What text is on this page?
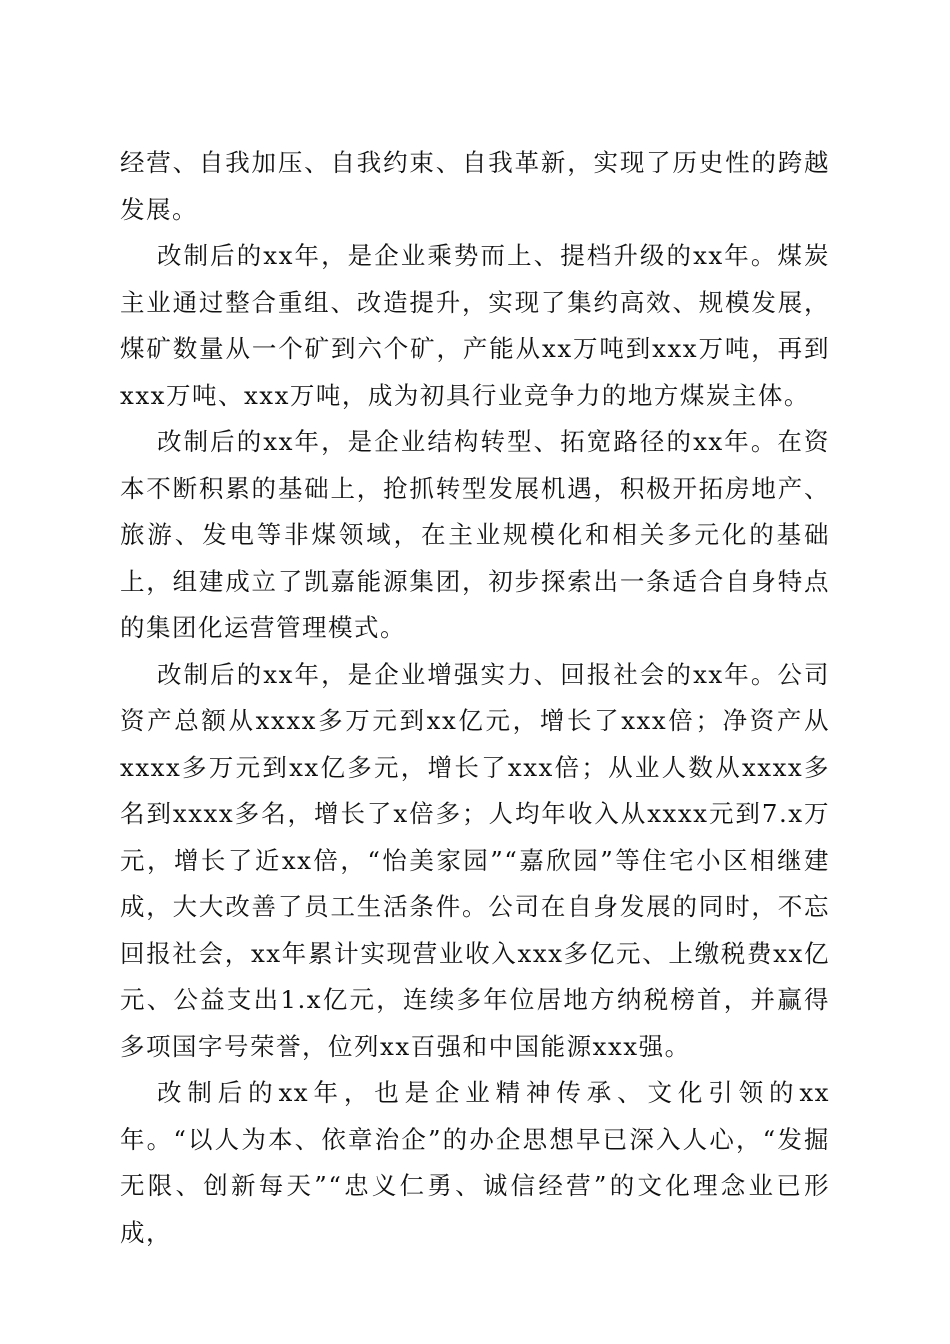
经营、自我加压、自我约束、自我革新，实现了历史性的跨越发展。

改制后的xx年，是企业乘势而上、提档升级的xx年。煤炭主业通过整合重组、改造提升，实现了集约高效、规模发展，煤矿数量从一个矿到六个矿，产能从xx万吨到xxx万吨，再到xxx万吨、xxx万吨，成为初具行业竞争力的地方煤炭主体。

改制后的xx年，是企业结构转型、拓宽路径的xx年。在资本不断积累的基础上，抢抓转型发展机遇，积极开拓房地产、旅游、发电等非煤领域，在主业规模化和相关多元化的基础上，组建成立了凯嘉能源集团，初步探索出一条适合自身特点的集团化运营管理模式。

改制后的xx年，是企业增强实力、回报社会的xx年。公司资产总额从xxxx多万元到xx亿元，增长了xxx倍；净资产从xxxx多万元到xx亿多元，增长了xxx倍；从业人数从xxxx多名到xxxx多名，增长了x倍多；人均年收入从xxxx元到7.x万元，增长了近xx倍，“怡美家园”“嘉欣园”等住宅小区相继建成，大大改善了员工生活条件。公司在自身发展的同时，不忘回报社会，xx年累计实现营业收入xxx多亿元、上缴税费xx亿元、公益支出1.x亿元，连续多年位居地方纳税榜首，并赢得多项国字号荣誉，位列xx百强和中国能源xxx强。

改制后的xx年，也是企业精神传承、文化引领的xx年。“以人为本、依章治企”的办企思想早已深入人心，“发掘无限、创新每天”“忠义仁勇、诚信经营”的文化理念业已形成，
